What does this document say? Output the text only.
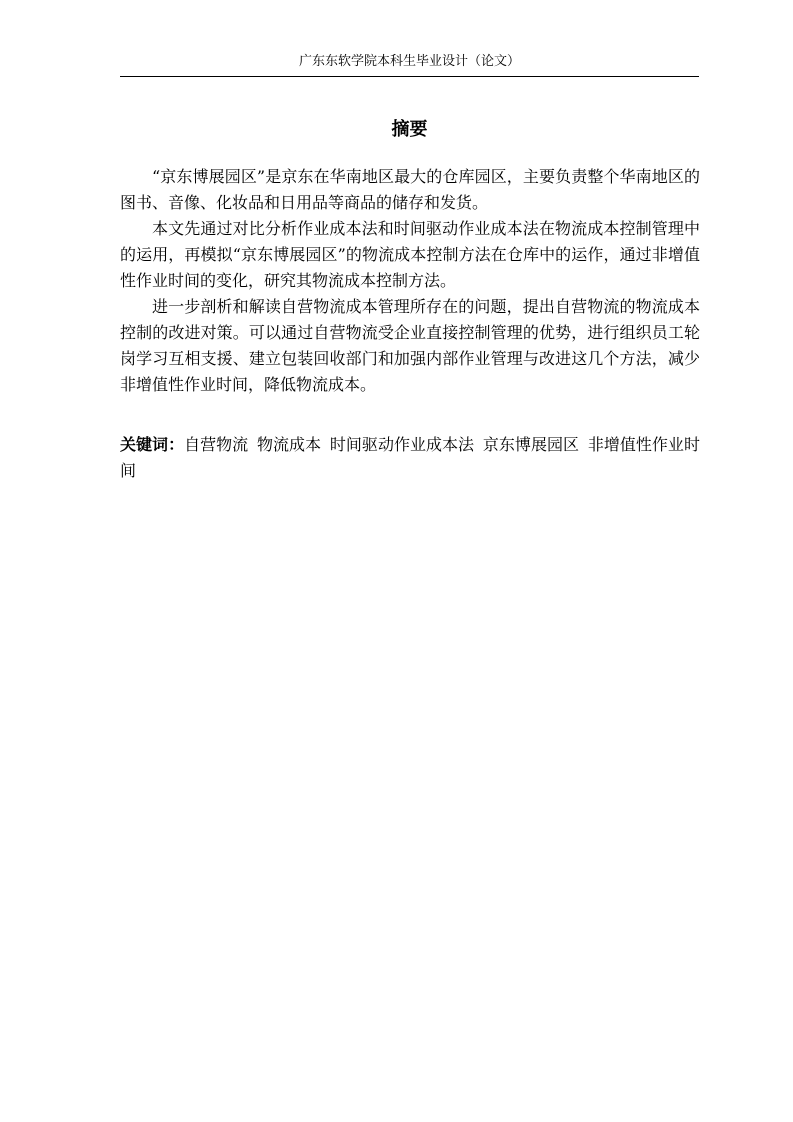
广东东软学院本科生毕业设计（论文）
摘要

“京东博展园区”是京东在华南地区最大的仓库园区，主要负责整个华南地区的图书、音像、化妆品和日用品等商品的储存和发货。

本文先通过对比分析作业成本法和时间驱动作业成本法在物流成本控制管理中的运用，再模拟“京东博展园区”的物流成本控制方法在仓库中的运作，通过非增值性作业时间的变化，研究其物流成本控制方法。

进一步剖析和解读自营物流成本管理所存在的问题，提出自营物流的物流成本控制的改进对策。可以通过自营物流受企业直接控制管理的优势，进行组织员工轮岗学习互相支援、建立包装回收部门和加强内部作业管理与改进这几个方法，减少非增值性作业时间，降低物流成本。

关键词：自营物流 物流成本 时间驱动作业成本法 京东博展园区 非增值性作业时间
